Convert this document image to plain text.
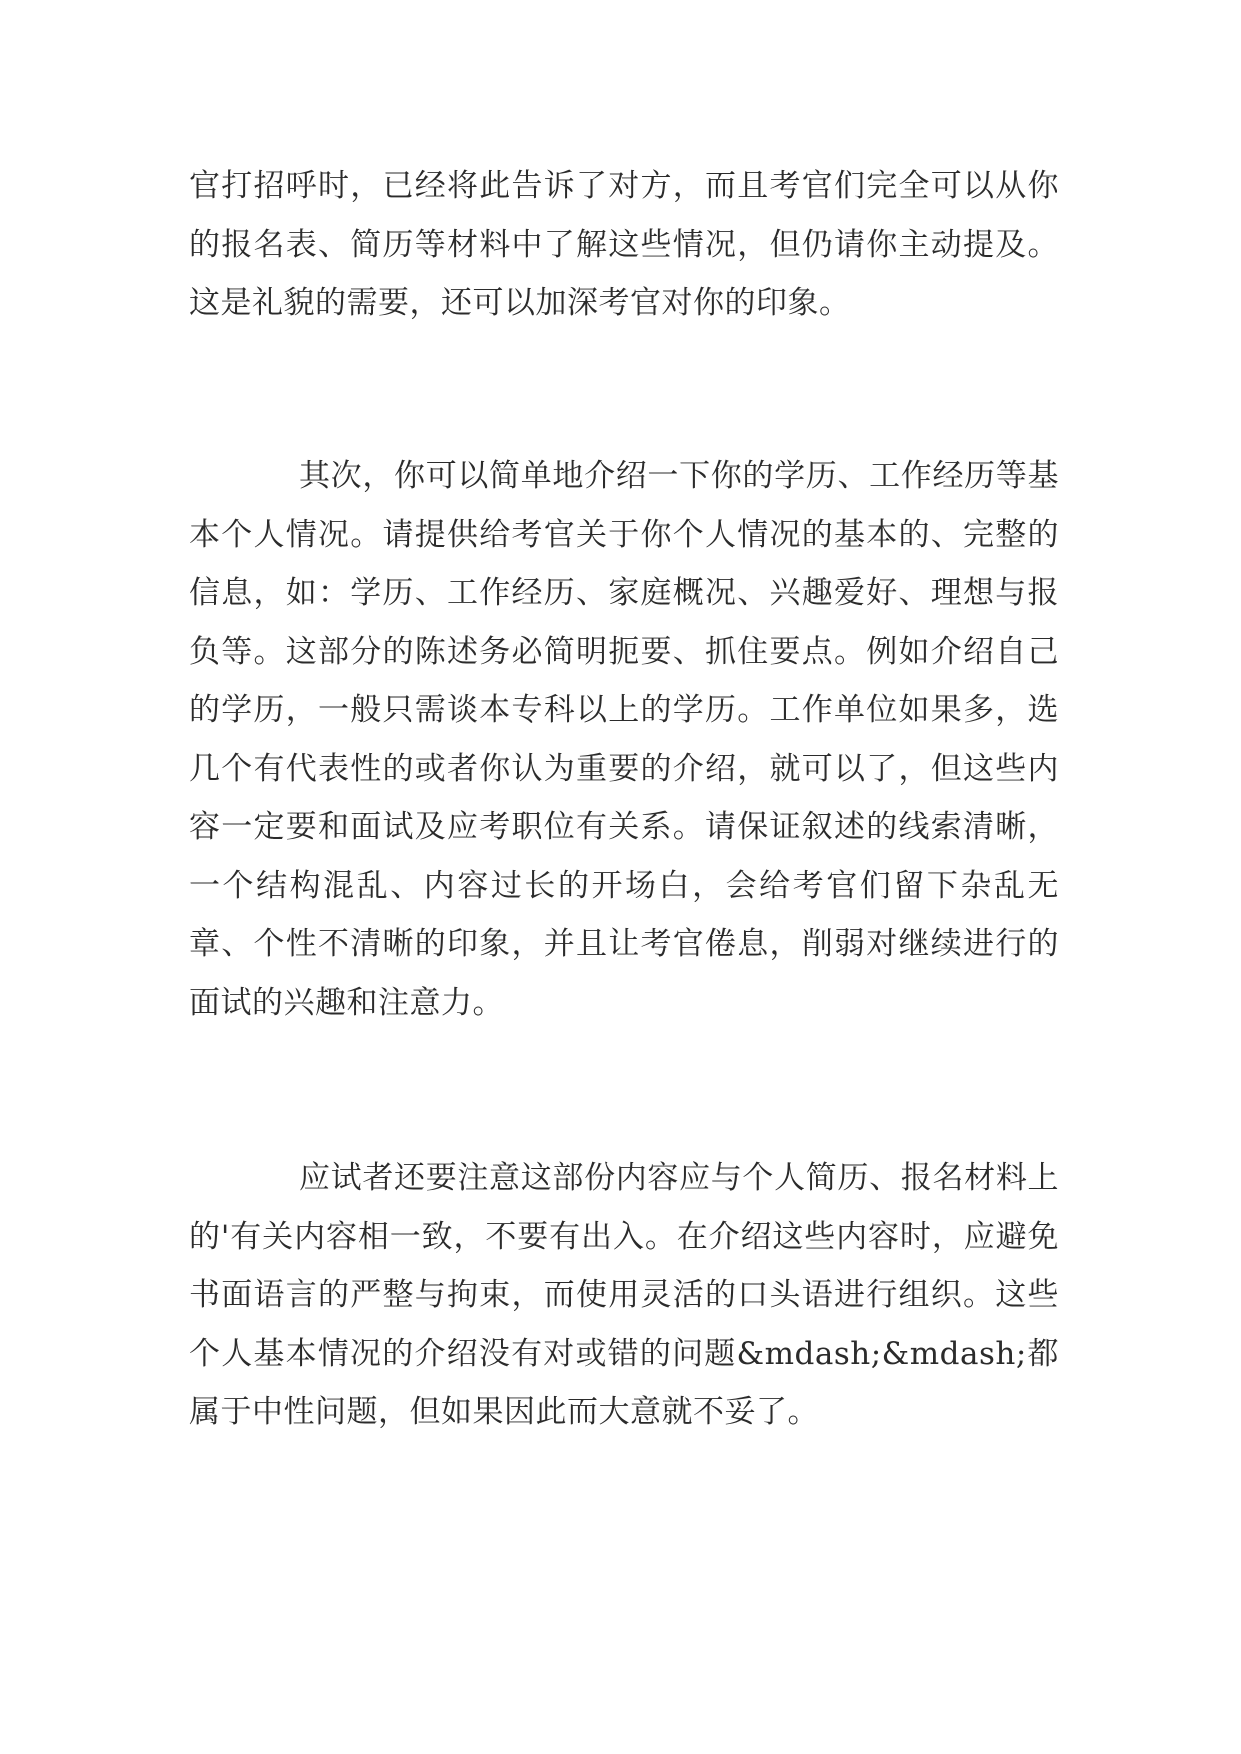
官打招呼时，已经将此告诉了对方，而且考官们完全可以从你的报名表、简历等材料中了解这些情况，但仍请你主动提及。这是礼貌的需要，还可以加深考官对你的印象。

其次，你可以简单地介绍一下你的学历、工作经历等基本个人情况。请提供给考官关于你个人情况的基本的、完整的信息，如：学历、工作经历、家庭概况、兴趣爱好、理想与报负等。这部分的陈述务必简明扼要、抓住要点。例如介绍自己的学历，一般只需谈本专科以上的学历。工作单位如果多，选几个有代表性的或者你认为重要的介绍，就可以了，但这些内容一定要和面试及应考职位有关系。请保证叙述的线索清晰，一个结构混乱、内容过长的开场白，会给考官们留下杂乱无章、个性不清晰的印象，并且让考官倦息，削弱对继续进行的面试的兴趣和注意力。

应试者还要注意这部份内容应与个人简历、报名材料上的'有关内容相一致，不要有出入。在介绍这些内容时，应避免书面语言的严整与拘束，而使用灵活的口头语进行组织。这些个人基本情况的介绍没有对或错的问题&mdash;&mdash;都属于中性问题，但如果因此而大意就不妥了。
